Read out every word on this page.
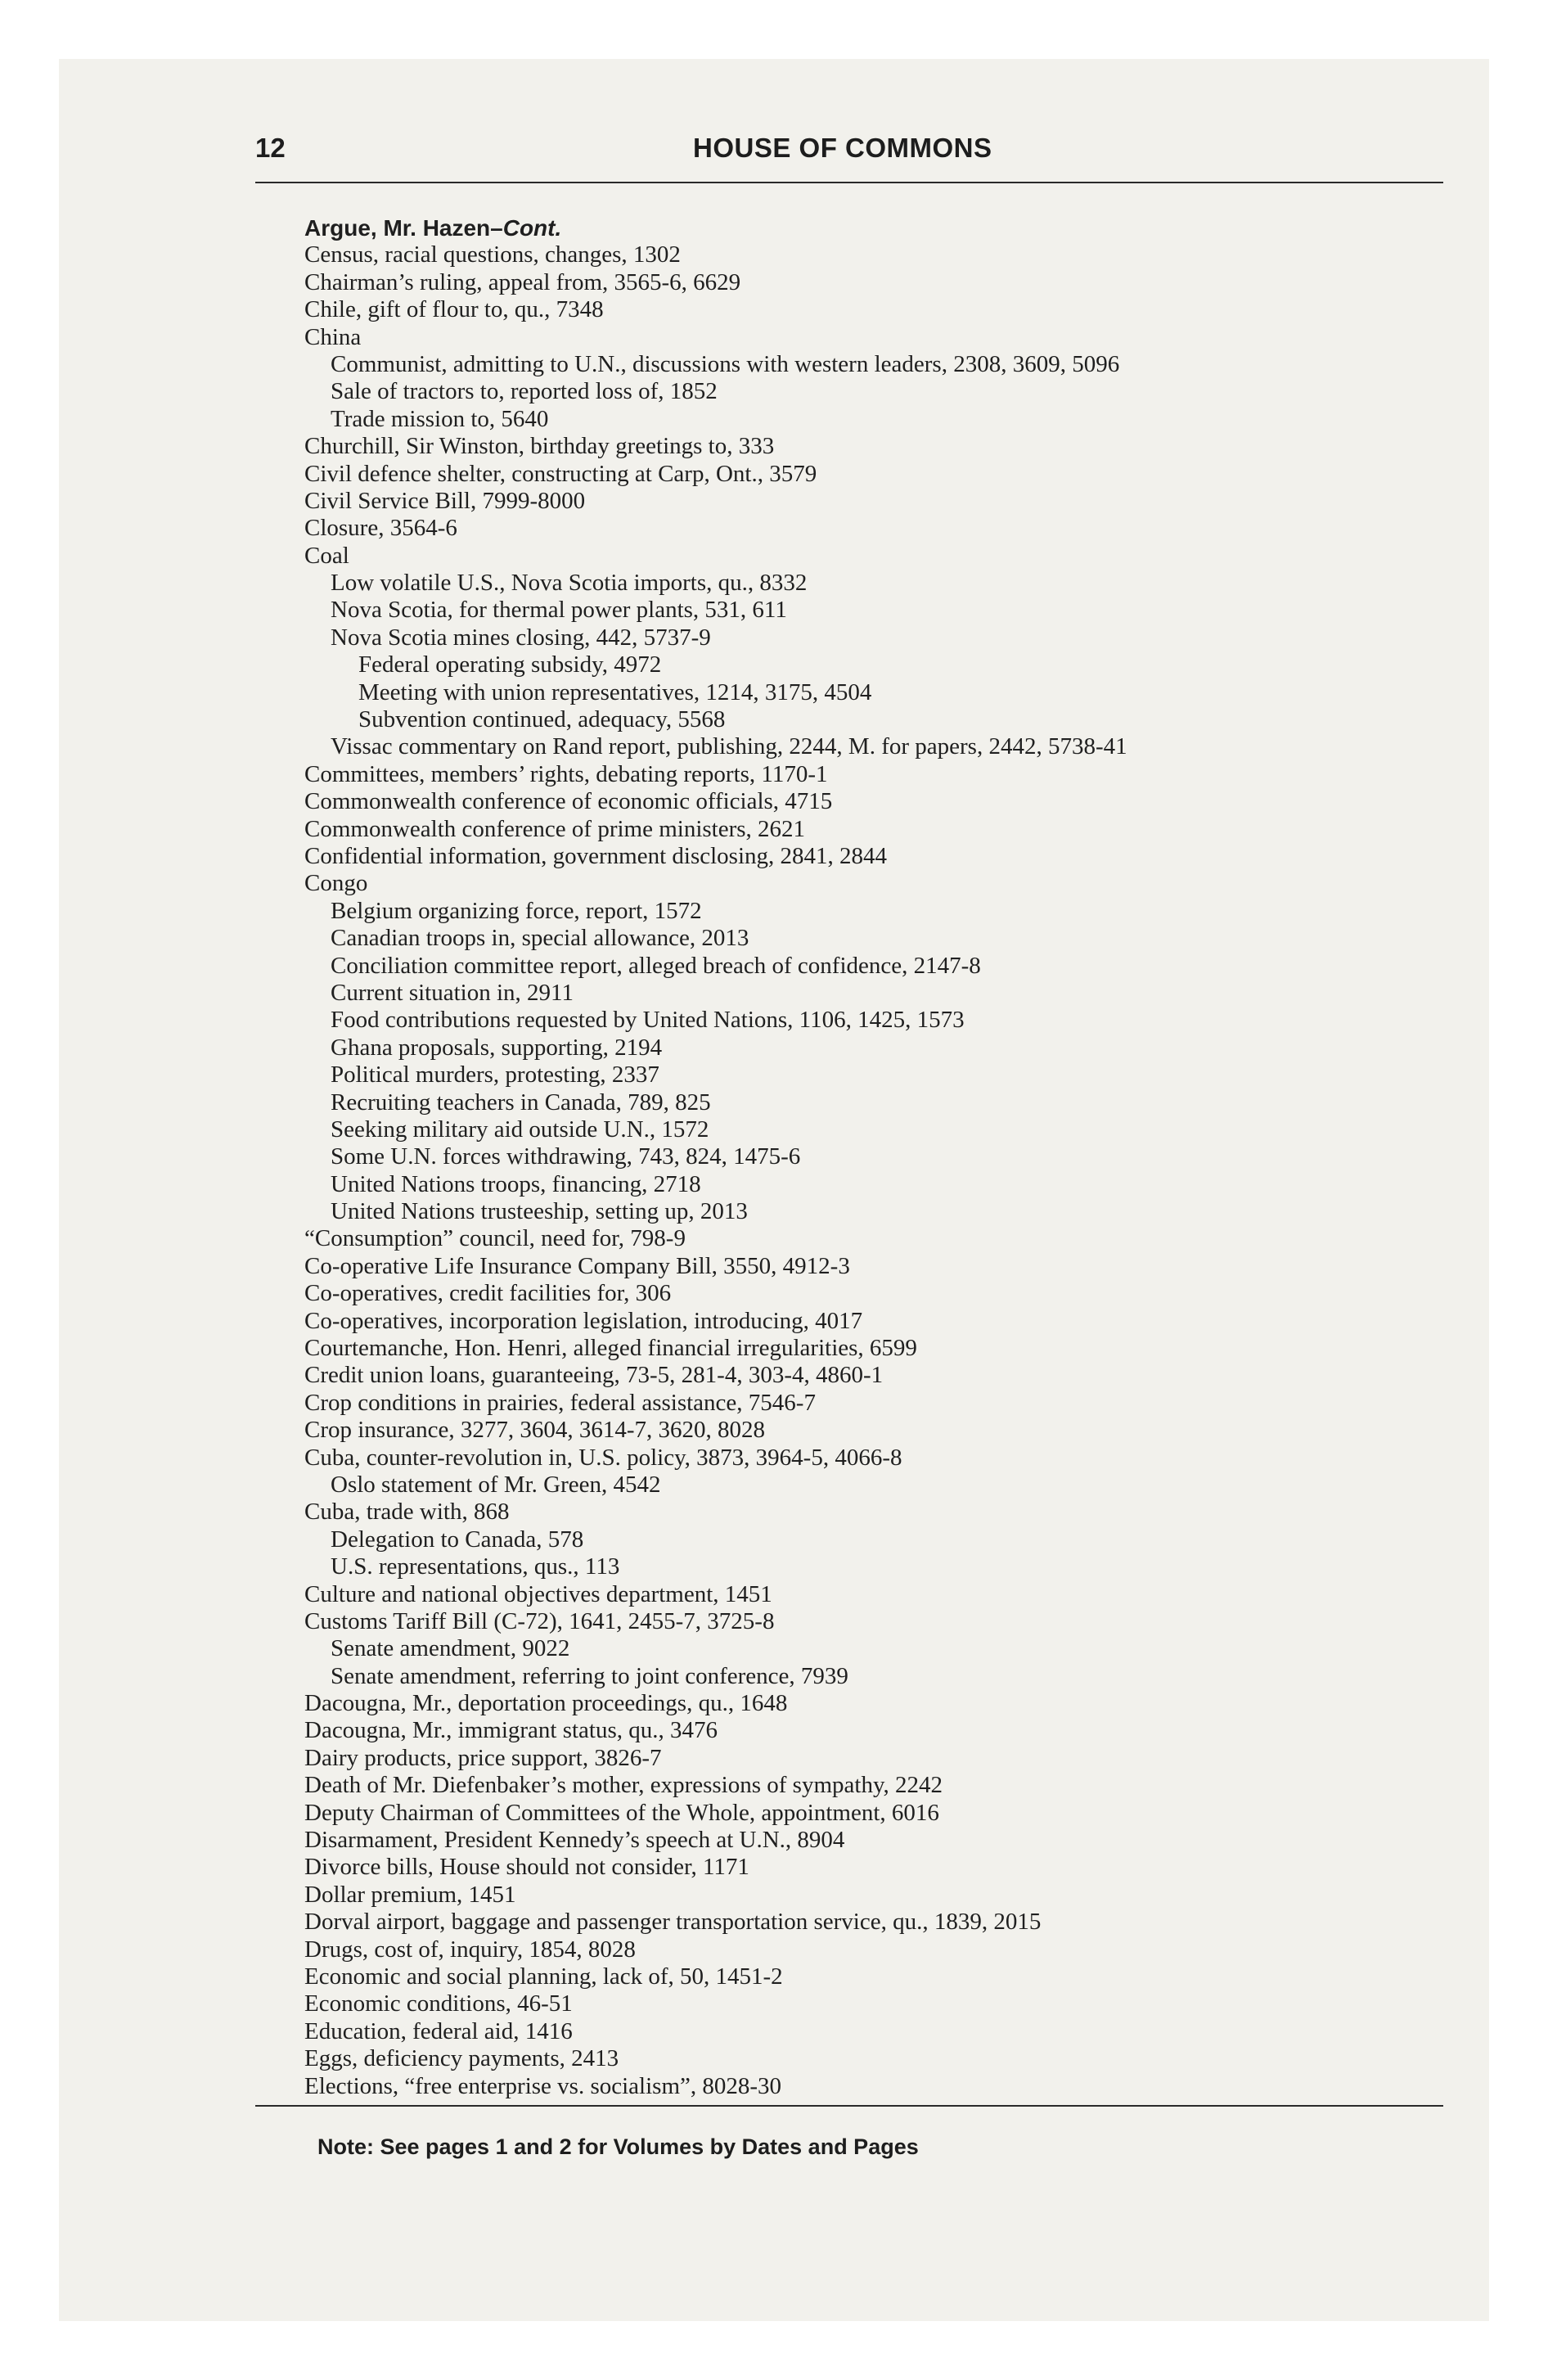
12	HOUSE OF COMMONS
Argue, Mr. Hazen–Cont.
Census, racial questions, changes, 1302
Chairman’s ruling, appeal from, 3565-6, 6629
Chile, gift of flour to, qu., 7348
China
Communist, admitting to U.N., discussions with western leaders, 2308, 3609, 5096
Sale of tractors to, reported loss of, 1852
Trade mission to, 5640
Churchill, Sir Winston, birthday greetings to, 333
Civil defence shelter, constructing at Carp, Ont., 3579
Civil Service Bill, 7999-8000
Closure, 3564-6
Coal
Low volatile U.S., Nova Scotia imports, qu., 8332
Nova Scotia, for thermal power plants, 531, 611
Nova Scotia mines closing, 442, 5737-9
Federal operating subsidy, 4972
Meeting with union representatives, 1214, 3175, 4504
Subvention continued, adequacy, 5568
Vissac commentary on Rand report, publishing, 2244, M. for papers, 2442, 5738-41
Committees, members’ rights, debating reports, 1170-1
Commonwealth conference of economic officials, 4715
Commonwealth conference of prime ministers, 2621
Confidential information, government disclosing, 2841, 2844
Congo
Belgium organizing force, report, 1572
Canadian troops in, special allowance, 2013
Conciliation committee report, alleged breach of confidence, 2147-8
Current situation in, 2911
Food contributions requested by United Nations, 1106, 1425, 1573
Ghana proposals, supporting, 2194
Political murders, protesting, 2337
Recruiting teachers in Canada, 789, 825
Seeking military aid outside U.N., 1572
Some U.N. forces withdrawing, 743, 824, 1475-6
United Nations troops, financing, 2718
United Nations trusteeship, setting up, 2013
“Consumption” council, need for, 798-9
Co-operative Life Insurance Company Bill, 3550, 4912-3
Co-operatives, credit facilities for, 306
Co-operatives, incorporation legislation, introducing, 4017
Courtemanche, Hon. Henri, alleged financial irregularities, 6599
Credit union loans, guaranteeing, 73-5, 281-4, 303-4, 4860-1
Crop conditions in prairies, federal assistance, 7546-7
Crop insurance, 3277, 3604, 3614-7, 3620, 8028
Cuba, counter-revolution in, U.S. policy, 3873, 3964-5, 4066-8
Oslo statement of Mr. Green, 4542
Cuba, trade with, 868
Delegation to Canada, 578
U.S. representations, qus., 113
Culture and national objectives department, 1451
Customs Tariff Bill (C-72), 1641, 2455-7, 3725-8
Senate amendment, 9022
Senate amendment, referring to joint conference, 7939
Dacougna, Mr., deportation proceedings, qu., 1648
Dacougna, Mr., immigrant status, qu., 3476
Dairy products, price support, 3826-7
Death of Mr. Diefenbaker’s mother, expressions of sympathy, 2242
Deputy Chairman of Committees of the Whole, appointment, 6016
Disarmament, President Kennedy’s speech at U.N., 8904
Divorce bills, House should not consider, 1171
Dollar premium, 1451
Dorval airport, baggage and passenger transportation service, qu., 1839, 2015
Drugs, cost of, inquiry, 1854, 8028
Economic and social planning, lack of, 50, 1451-2
Economic conditions, 46-51
Education, federal aid, 1416
Eggs, deficiency payments, 2413
Elections, “free enterprise vs. socialism”, 8028-30
Note: See pages 1 and 2 for Volumes by Dates and Pages
